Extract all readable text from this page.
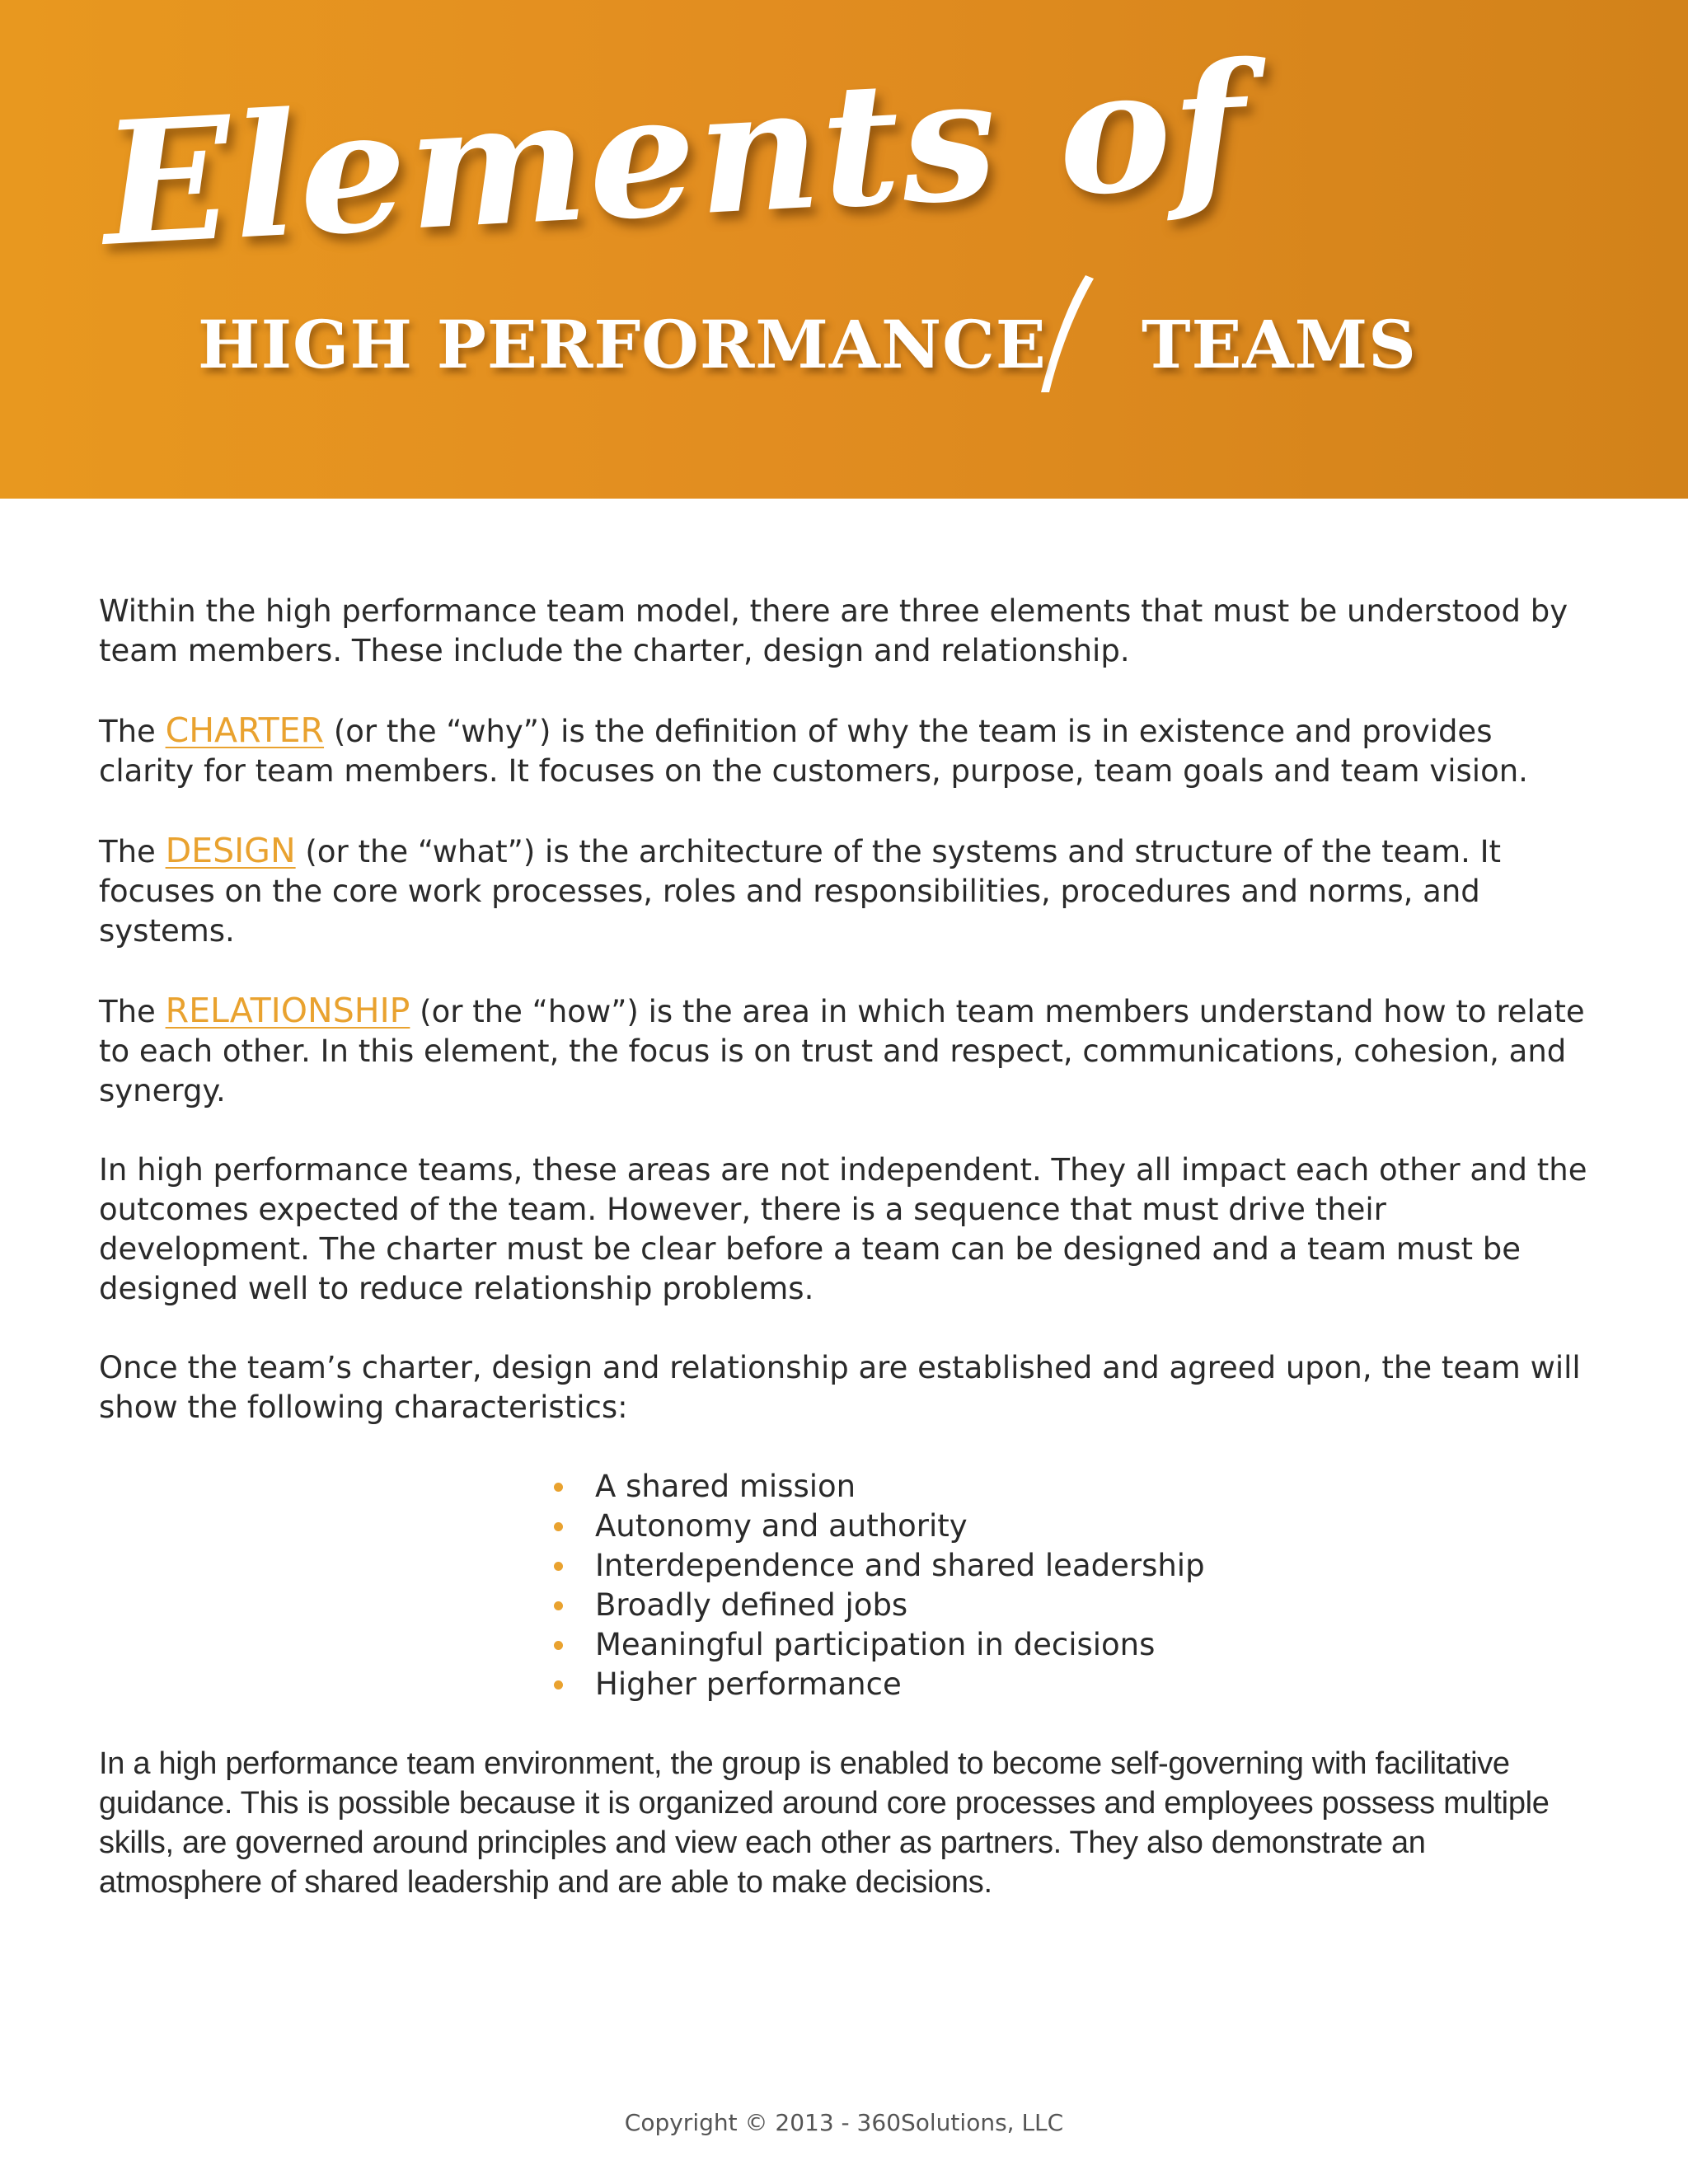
Elements of
HIGH PERFORMANCE TEAMS

Within the high performance team model, there are three elements that must be understood by team members. These include the charter, design and relationship.

The CHARTER (or the “why”) is the definition of why the team is in existence and provides clarity for team members. It focuses on the customers, purpose, team goals and team vision.

The DESIGN (or the “what”) is the architecture of the systems and structure of the team. It focuses on the core work processes, roles and responsibilities, procedures and norms, and systems.

The RELATIONSHIP (or the “how”) is the area in which team members understand how to relate to each other. In this element, the focus is on trust and respect, communications, cohesion, and synergy.

In high performance teams, these areas are not independent. They all impact each other and the outcomes expected of the team. However, there is a sequence that must drive their development. The charter must be clear before a team can be designed and a team must be designed well to reduce relationship problems.

Once the team’s charter, design and relationship are established and agreed upon, the team will show the following characteristics:

A shared mission
Autonomy and authority
Interdependence and shared leadership
Broadly defined jobs
Meaningful participation in decisions
Higher performance

In a high performance team environment, the group is enabled to become self-governing with facilitative guidance. This is possible because it is organized around core processes and employees possess multiple skills, are governed around principles and view each other as partners. They also demonstrate an atmosphere of shared leadership and are able to make decisions.

Copyright © 2013 - 360Solutions, LLC
